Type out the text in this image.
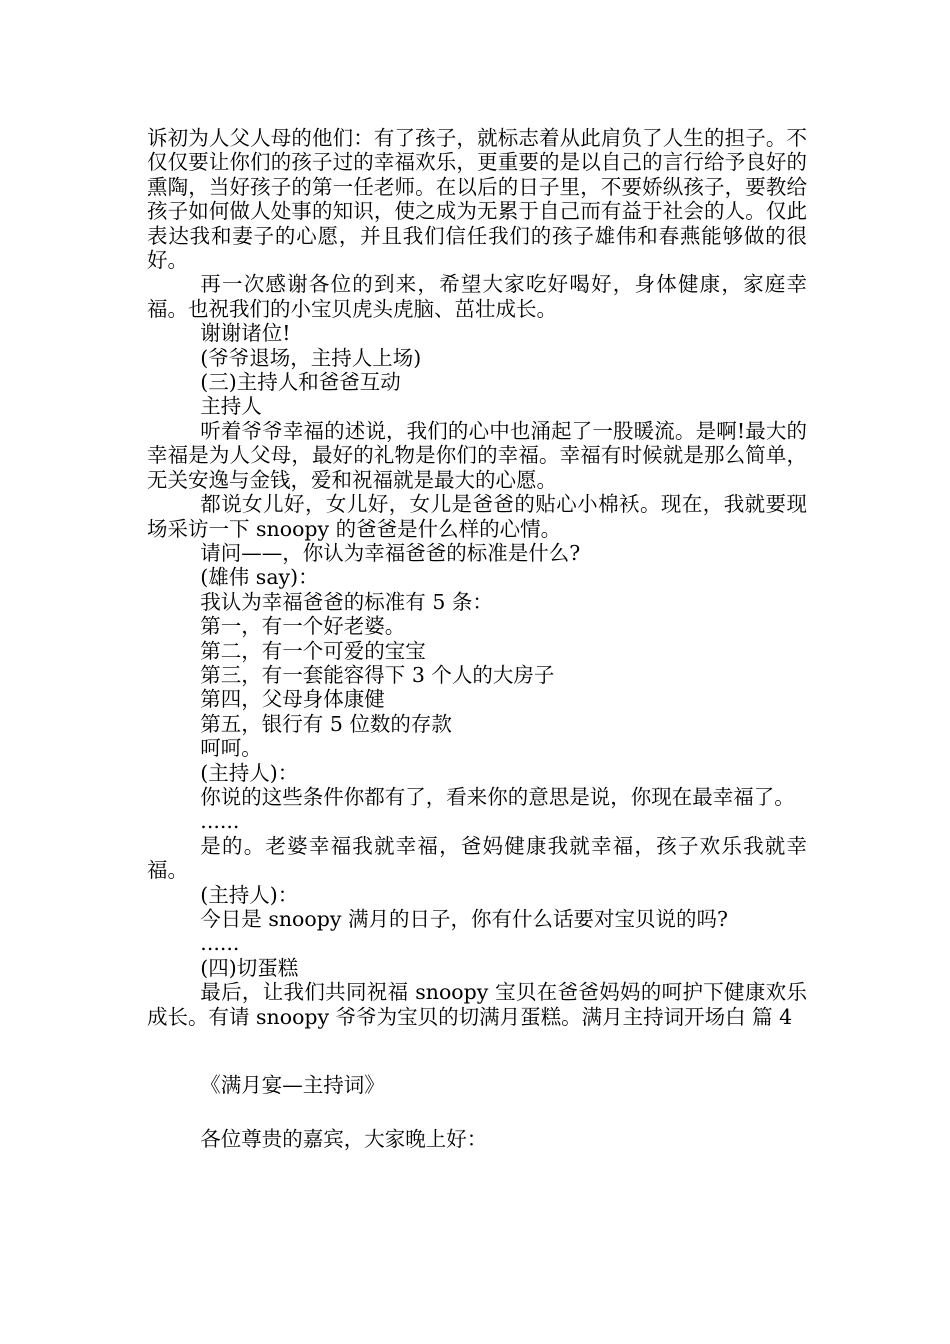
诉初为人父人母的他们：有了孩子，就标志着从此肩负了人生的担子。不仅仅要让你们的孩子过的幸福欢乐，更重要的是以自己的言行给予良好的熏陶，当好孩子的第一任老师。在以后的日子里，不要娇纵孩子，要教给孩子如何做人处事的知识，使之成为无累于自己而有益于社会的人。仅此表达我和妻子的心愿，并且我们信任我们的孩子雄伟和春燕能够做的很好。

再一次感谢各位的到来，希望大家吃好喝好，身体健康，家庭幸福。也祝我们的小宝贝虎头虎脑、茁壮成长。

谢谢诸位!

(爷爷退场，主持人上场)

(三)主持人和爸爸互动

主持人

听着爷爷幸福的述说，我们的心中也涌起了一股暖流。是啊!最大的幸福是为人父母，最好的礼物是你们的幸福。幸福有时候就是那么简单，无关安逸与金钱，爱和祝福就是最大的心愿。

都说女儿好，女儿好，女儿是爸爸的贴心小棉袄。现在，我就要现场采访一下 snoopy 的爸爸是什么样的心情。

请问——，你认为幸福爸爸的标准是什么?

(雄伟 say)：

我认为幸福爸爸的标准有 5 条：

第一，有一个好老婆。

第二，有一个可爱的宝宝

第三，有一套能容得下 3 个人的大房子

第四，父母身体康健

第五，银行有 5 位数的存款

呵呵。

(主持人)：

你说的这些条件你都有了，看来你的意思是说，你现在最幸福了。

......

是的。老婆幸福我就幸福，爸妈健康我就幸福，孩子欢乐我就幸福。

(主持人)：

今日是 snoopy 满月的日子，你有什么话要对宝贝说的吗?

......

(四)切蛋糕

最后，让我们共同祝福 snoopy 宝贝在爸爸妈妈的呵护下健康欢乐成长。有请 snoopy 爷爷为宝贝的切满月蛋糕。满月主持词开场白 篇 4

《满月宴—主持词》

各位尊贵的嘉宾，大家晚上好：
